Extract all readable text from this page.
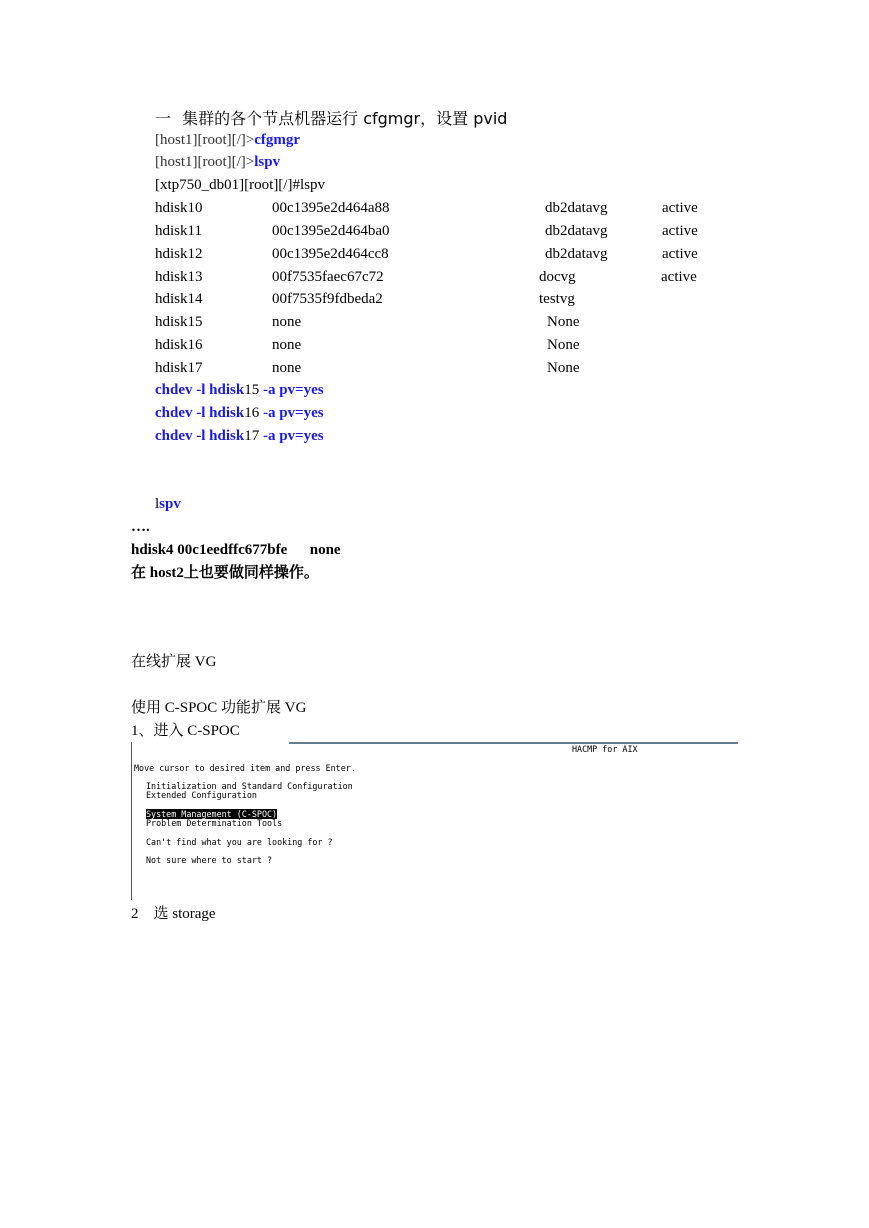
一 集群的各个节点机器运行 cfgmgr，设置 pvid
[host1][root][/]>cfgmgr
[host1][root][/]>lspv
[xtp750_db01][root][/]#lspv
hdisk10	00c1395e2d464a88	db2datavg	active
hdisk11	00c1395e2d464ba0	db2datavg	active
hdisk12	00c1395e2d464cc8	db2datavg	active
hdisk13	00f7535faec67c72	docvg	active
hdisk14	00f7535f9fdbeda2	testvg
hdisk15	none	None
hdisk16	none	None
hdisk17	none	None
chdev -l hdisk15 -a pv=yes
chdev -l hdisk16 -a pv=yes
chdev -l hdisk17 -a pv=yes
lspv
….
hdisk4 00c1eedffc677bfe      none
在 host2上也要做同样操作。
在线扩展 VG
使用 C-SPOC 功能扩展 VG
1、进入 C-SPOC
HACMP for AIX
Move cursor to desired item and press Enter.
Initialization and Standard Configuration
Extended Configuration
System Management (C-SPOC)
Problem Determination Tools
Can't find what you are looking for ?
Not sure where to start ?
2　选 storage
